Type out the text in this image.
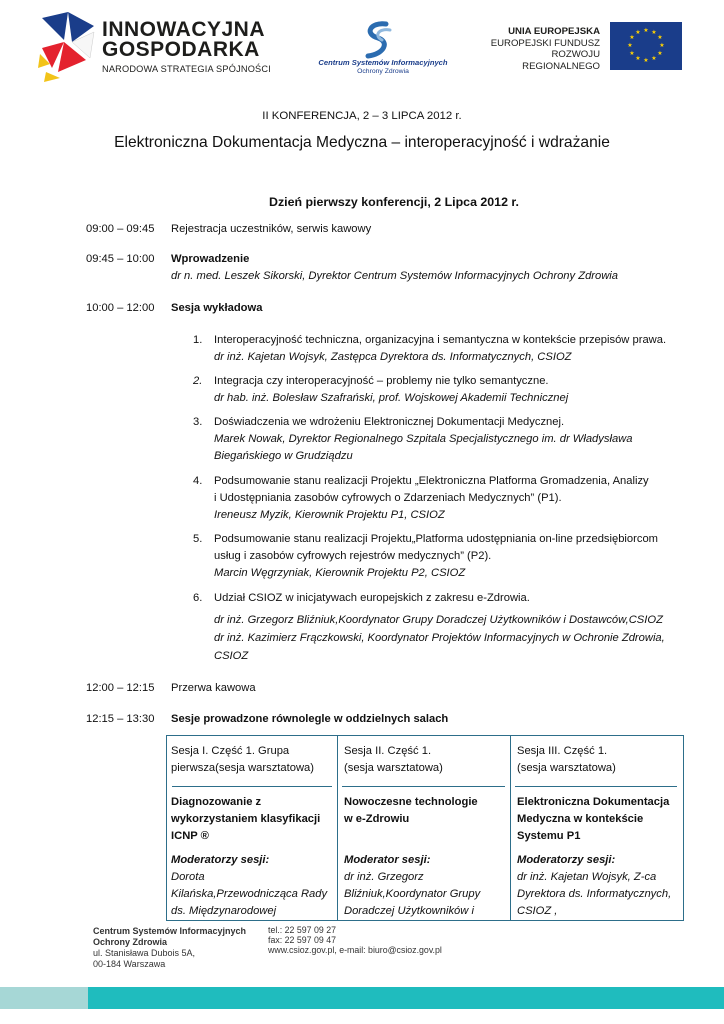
INNOWACYJNA
GOSPODARKA
NARODOWA STRATEGIA SPÓJNOŚCI
Centrum Systemów Informacyjnych
Ochrony Zdrowia
UNIA EUROPEJSKA
EUROPEJSKI FUNDUSZ
ROZWOJU REGIONALNEGO
★ ★
★
★
★
★
★
★
★
★
★
★
II KONFERENCJA, 2 – 3 LIPCA 2012 r.
Elektroniczna Dokumentacja Medyczna – interoperacyjność i wdrażanie
Dzień pierwszy konferencji, 2 Lipca 2012 r.
09:00 – 09:45	Rejestracja uczestników, serwis kawowy
09:45 – 10:00	Wprowadzenie
dr n. med. Leszek Sikorski, Dyrektor Centrum Systemów Informacyjnych Ochrony Zdrowia
10:00 – 12:00	Sesja wykładowa
1.	Interoperacyjność techniczna, organizacyjna i semantyczna w kontekście przepisów prawa.
dr inż. Kajetan Wojsyk, Zastępca Dyrektora ds. Informatycznych, CSIOZ
2.	Integracja czy interoperacyjność – problemy nie tylko semantyczne.
dr hab. inż. Bolesław Szafrański, prof. Wojskowej Akademii Technicznej
3.	Doświadczenia we wdrożeniu Elektronicznej Dokumentacji Medycznej.
Marek Nowak, Dyrektor Regionalnego Szpitala Specjalistycznego im. dr Władysława
Biegańskiego w Grudziądzu
4.	Podsumowanie stanu realizacji Projektu „Elektroniczna Platforma Gromadzenia, Analizy
i Udostępniania zasobów cyfrowych o Zdarzeniach Medycznych” (P1).
Ireneusz Myzik, Kierownik Projektu P1, CSIOZ
5.	Podsumowanie stanu realizacji Projektu„Platforma udostępniania on-line przedsiębiorcom
usług i zasobów cyfrowych rejestrów medycznych” (P2).
Marcin Węgrzyniak, Kierownik Projektu P2, CSIOZ
6.	Udział CSIOZ w inicjatywach europejskich z zakresu e-Zdrowia.
dr inż. Grzegorz Bliźniuk,Koordynator Grupy Doradczej Użytkowników i Dostawców,CSIOZ
dr inż. Kazimierz Frączkowski, Koordynator Projektów Informacyjnych w Ochronie Zdrowia,
CSIOZ
12:00 – 12:15	Przerwa kawowa
12:15 – 13:30	Sesje prowadzone równolegle w oddzielnych salach
Sesja I. Część 1. Grupa
pierwsza(sesja warsztatowa)
Diagnozowanie z
wykorzystaniem klasyfikacji
ICNP ®
Moderatorzy sesji:
Dorota
Kilańska,Przewodnicząca Rady
ds. Międzynarodowej
Sesja II. Część 1.
(sesja warsztatowa)
Nowoczesne technologie
w e-Zdrowiu
Moderator sesji:
dr inż. Grzegorz
Bliźniuk,Koordynator Grupy
Doradczej Użytkowników i
Sesja III. Część 1.
(sesja warsztatowa)
Elektroniczna Dokumentacja
Medyczna w kontekście
Systemu P1
Moderatorzy sesji:
dr inż. Kajetan Wojsyk, Z-ca
Dyrektora ds. Informatycznych,
CSIOZ ,
Centrum Systemów Informacyjnych
Ochrony Zdrowia
ul. Stanisława Dubois 5A,
00-184 Warszawa
tel.: 22 597 09 27
fax: 22 597 09 47
www.csioz.gov.pl, e-mail: biuro@csioz.gov.pl
